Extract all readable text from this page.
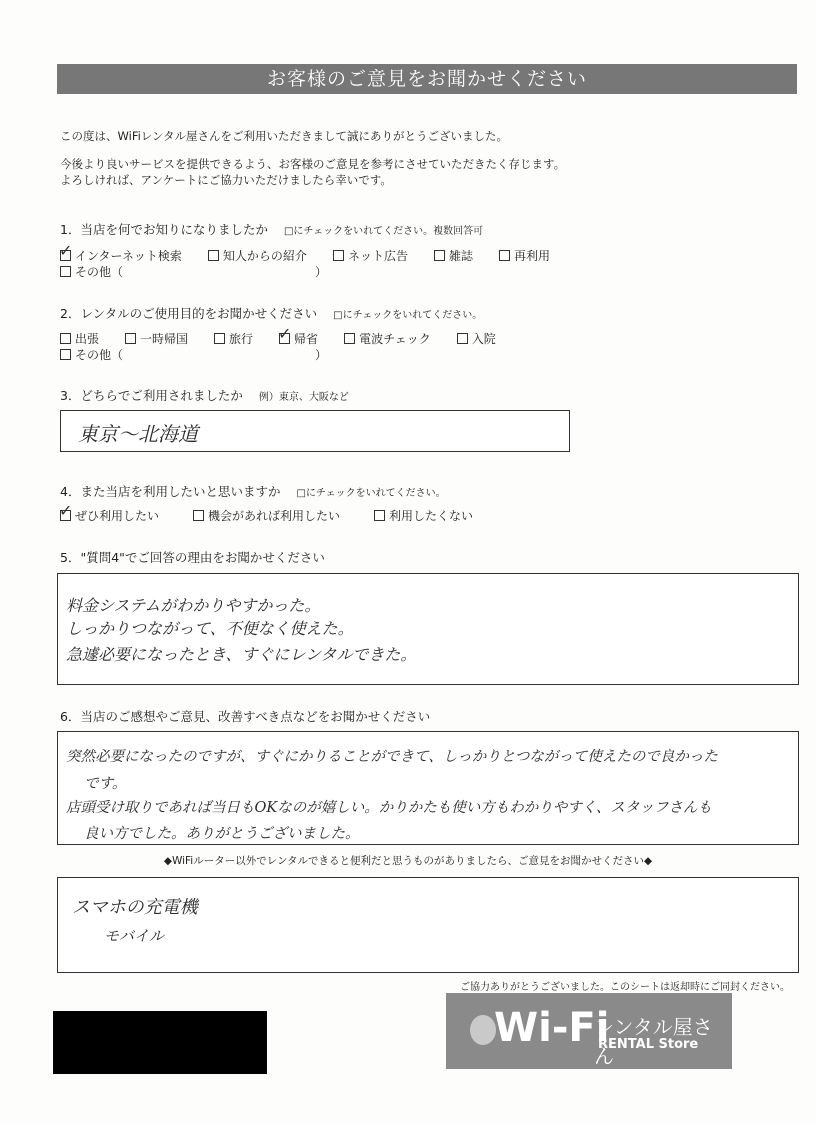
お客様のご意見をお聞かせください
この度は、WiFiレンタル屋さんをご利用いただきまして誠にありがとうございました。
今後より良いサービスを提供できるよう、お客様のご意見を参考にさせていただきたく存じます。
よろしければ、アンケートにご協力いただけましたら幸いです。
1．当店を何でお知りになりましたか □にチェックをいれてください。複数回答可
✓ インターネット検索	知人からの紹介	ネット広告	雑誌	再利用
その他（　　　　　　　　　　　　　　　　）
2．レンタルのご使用目的をお聞かせください □にチェックをいれてください。
出張	一時帰国	旅行 ✓ 帰省	電波チェック	入院
その他（　　　　　　　　　　　　　　　　）
3．どちらでご利用されましたか 例）東京、大阪など
東京～北海道
4．また当店を利用したいと思いますか □にチェックをいれてください。
✓ ぜひ利用したい	機会があれば利用したい	利用したくない
5．"質問4"でご回答の理由をお聞かせください
料金システムがわかりやすかった。
しっかりつながって、不便なく使えた。
急遽必要になったとき、すぐにレンタルできた。
6．当店のご感想やご意見、改善すべき点などをお聞かせください
突然必要になったのですが、すぐにかりることができて、しっかりとつながって使えたので良かった
です。
店頭受け取りであれば当日もOKなのが嬉しい。かりかたも使い方もわかりやすく、スタッフさんも
良い方でした。ありがとうございました。
◆WiFiルーター以外でレンタルできると便利だと思うものがありましたら、ご意見をお聞かせください◆
スマホの充電機
モバイル
ご協力ありがとうございました。このシートは返却時にご同封ください。
Wi-Fi
レンタル屋さん
RENTAL Store
